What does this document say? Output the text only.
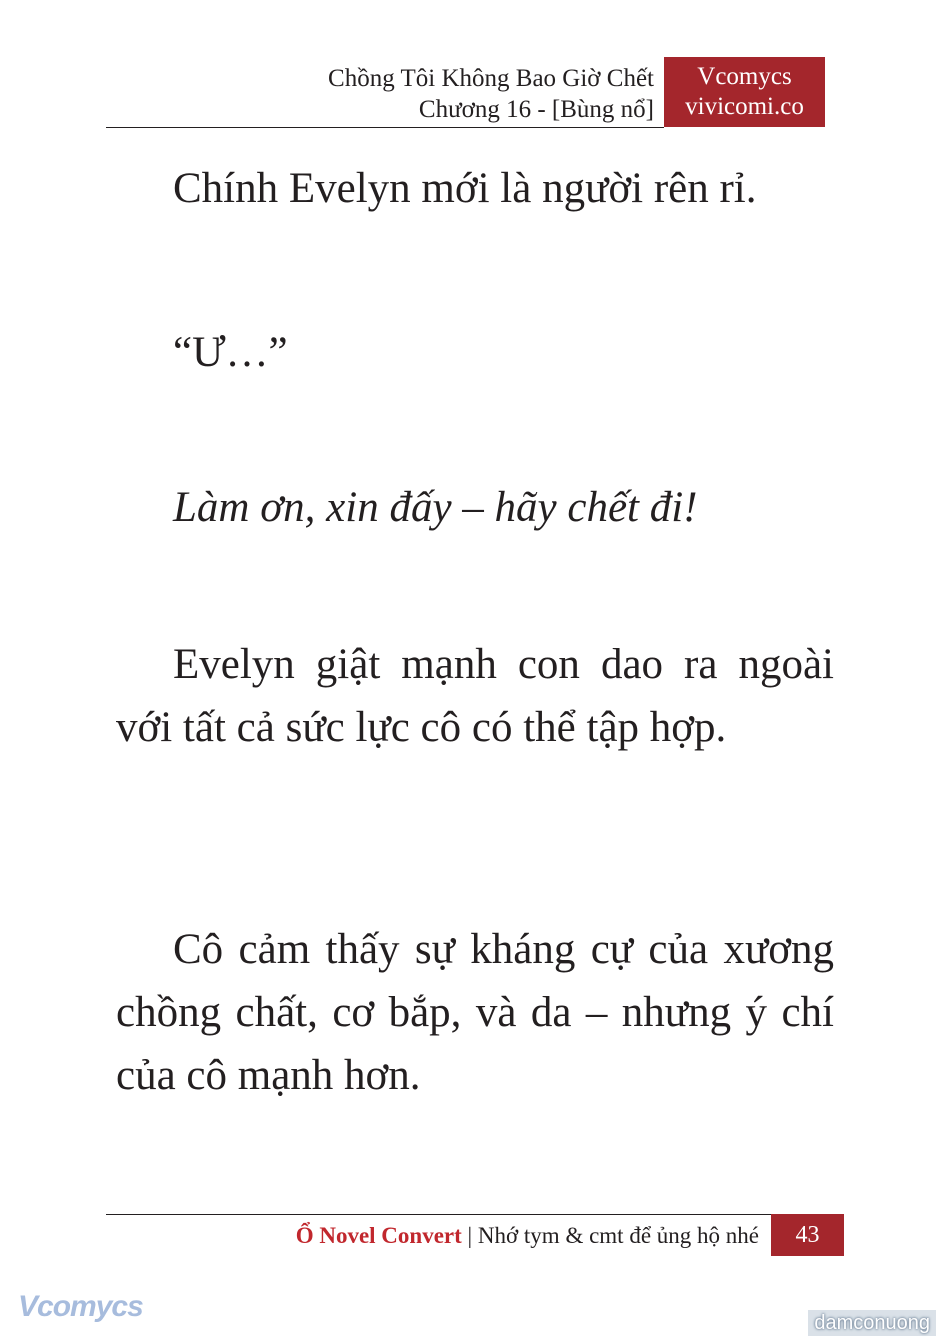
Chồng Tôi Không Bao Giờ Chết
Chương 16 - [Bùng nổ]
Vcomycs
vivicomi.co

Chính Evelyn mới là người rên rỉ.

“Ư…”

Làm ơn, xin đấy – hãy chết đi!

Evelyn giật mạnh con dao ra ngoài với tất cả sức lực cô có thể tập hợp.

Cô cảm thấy sự kháng cự của xương chồng chất, cơ bắp, và da – nhưng ý chí của cô mạnh hơn.

Ổ Novel Convert | Nhớ tym & cmt để ủng hộ nhé	43
Vcomycs	damconuong
